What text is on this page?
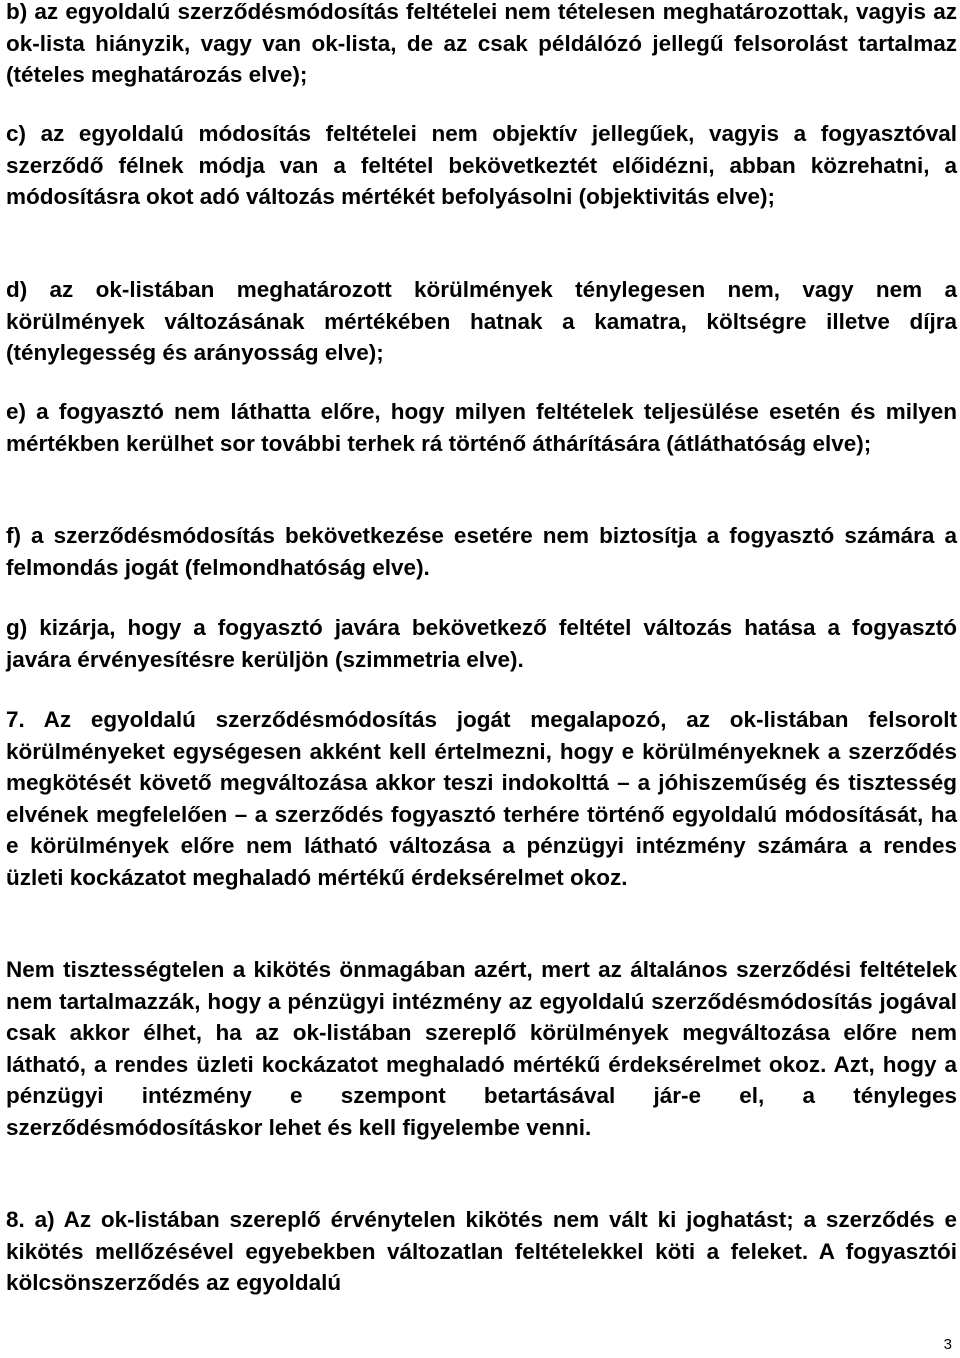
b) az egyoldalú szerződésmódosítás feltételei nem tételesen meghatározottak, vagyis az ok-lista hiányzik, vagy van ok-lista, de az csak példálózó jellegű felsorolást tartalmaz (tételes meghatározás elve);

c) az egyoldalú módosítás feltételei nem objektív jellegűek, vagyis a fogyasztóval szerződő félnek módja van a feltétel bekövetkeztét előidézni, abban közrehatni, a módosításra okot adó változás mértékét befolyásolni (objektivitás elve);

d) az ok-listában meghatározott körülmények ténylegesen nem, vagy nem a körülmények változásának mértékében hatnak a kamatra, költségre illetve díjra (ténylegesség és arányosság elve);

e) a fogyasztó nem láthatta előre, hogy milyen feltételek teljesülése esetén és milyen mértékben kerülhet sor további terhek rá történő áthárítására (átláthatóság elve);

f) a szerződésmódosítás bekövetkezése esetére nem biztosítja a fogyasztó számára a felmondás jogát (felmondhatóság elve).

g) kizárja, hogy a fogyasztó javára bekövetkező feltétel változás hatása a fogyasztó javára érvényesítésre kerüljön (szimmetria elve).

7. Az egyoldalú szerződésmódosítás jogát megalapozó, az ok-listában felsorolt körülményeket egységesen akként kell értelmezni, hogy e körülményeknek a szerződés megkötését követő megváltozása akkor teszi indokolttá – a jóhiszeműség és tisztesség elvének megfelelően – a szerződés fogyasztó terhére történő egyoldalú módosítását, ha e körülmények előre nem látható változása a pénzügyi intézmény számára a rendes üzleti kockázatot meghaladó mértékű érdeksérelmet okoz.

Nem tisztességtelen a kikötés önmagában azért, mert az általános szerződési feltételek nem tartalmazzák, hogy a pénzügyi intézmény az egyoldalú szerződésmódosítás jogával csak akkor élhet, ha az ok-listában szereplő körülmények megváltozása előre nem látható, a rendes üzleti kockázatot meghaladó mértékű érdeksérelmet okoz. Azt, hogy a pénzügyi intézmény e szempont betartásával jár-e el, a tényleges szerződésmódosításkor lehet és kell figyelembe venni.

8. a) Az ok-listában szereplő érvénytelen kikötés nem vált ki joghatást; a szerződés e kikötés mellőzésével egyebekben változatlan feltételekkel köti a feleket. A fogyasztói kölcsönszerződés az egyoldalú

3
